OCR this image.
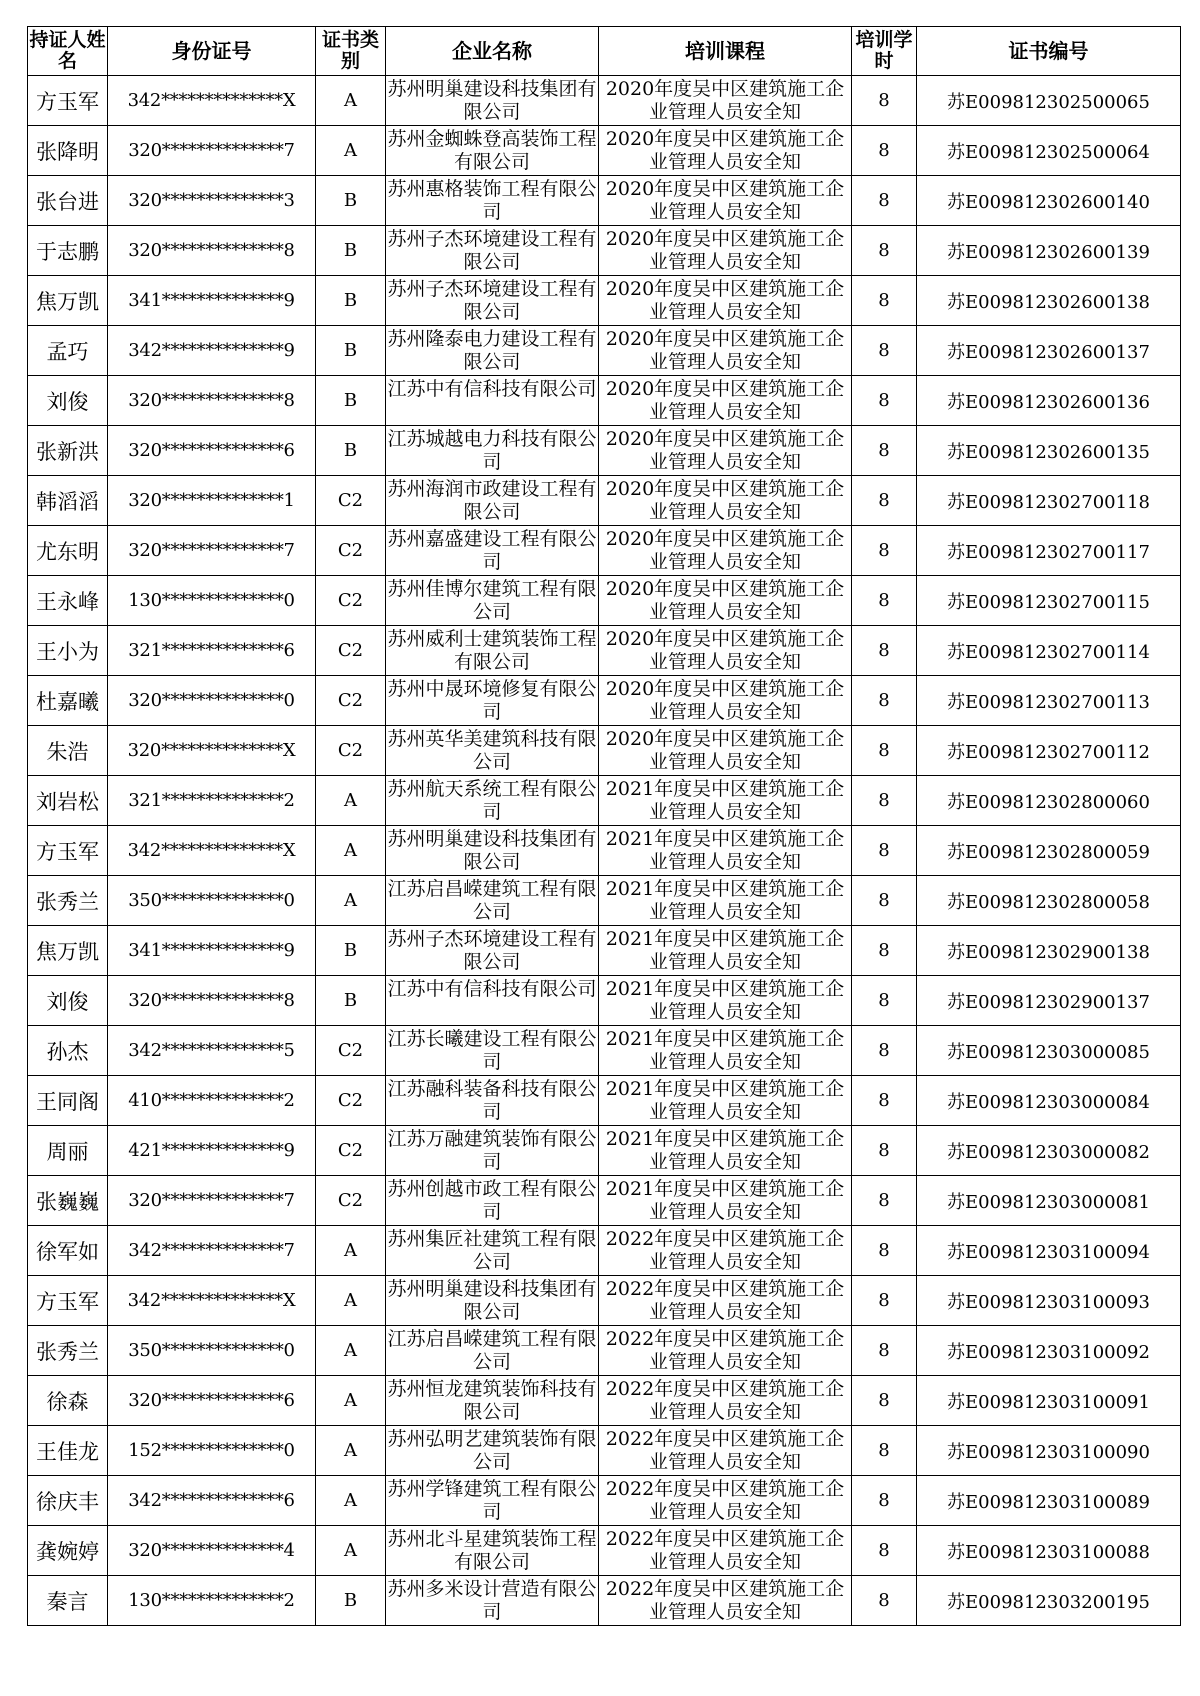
持证人姓名	身份证号	证书类别	企业名称	培训课程	培训学时	证书编号
方玉军	342**************X	A	苏州明巢建设科技集团有限公司	2020年度吴中区建筑施工企业管理人员安全知	8	苏E009812302500065
张降明	320**************7	A	苏州金蜘蛛登高装饰工程有限公司	2020年度吴中区建筑施工企业管理人员安全知	8	苏E009812302500064
张台进	320**************3	B	苏州惠格装饰工程有限公司	2020年度吴中区建筑施工企业管理人员安全知	8	苏E009812302600140
于志鹏	320**************8	B	苏州子杰环境建设工程有限公司	2020年度吴中区建筑施工企业管理人员安全知	8	苏E009812302600139
焦万凯	341**************9	B	苏州子杰环境建设工程有限公司	2020年度吴中区建筑施工企业管理人员安全知	8	苏E009812302600138
孟巧	342**************9	B	苏州隆泰电力建设工程有限公司	2020年度吴中区建筑施工企业管理人员安全知	8	苏E009812302600137
刘俊	320**************8	B	江苏中有信科技有限公司	2020年度吴中区建筑施工企业管理人员安全知	8	苏E009812302600136
张新洪	320**************6	B	江苏城越电力科技有限公司	2020年度吴中区建筑施工企业管理人员安全知	8	苏E009812302600135
韩滔滔	320**************1	C2	苏州海润市政建设工程有限公司	2020年度吴中区建筑施工企业管理人员安全知	8	苏E009812302700118
尤东明	320**************7	C2	苏州嘉盛建设工程有限公司	2020年度吴中区建筑施工企业管理人员安全知	8	苏E009812302700117
王永峰	130**************0	C2	苏州佳博尔建筑工程有限公司	2020年度吴中区建筑施工企业管理人员安全知	8	苏E009812302700115
王小为	321**************6	C2	苏州威利士建筑装饰工程有限公司	2020年度吴中区建筑施工企业管理人员安全知	8	苏E009812302700114
杜嘉曦	320**************0	C2	苏州中晟环境修复有限公司	2020年度吴中区建筑施工企业管理人员安全知	8	苏E009812302700113
朱浩	320**************X	C2	苏州英华美建筑科技有限公司	2020年度吴中区建筑施工企业管理人员安全知	8	苏E009812302700112
刘岩松	321**************2	A	苏州航天系统工程有限公司	2021年度吴中区建筑施工企业管理人员安全知	8	苏E009812302800060
方玉军	342**************X	A	苏州明巢建设科技集团有限公司	2021年度吴中区建筑施工企业管理人员安全知	8	苏E009812302800059
张秀兰	350**************0	A	江苏启昌嵘建筑工程有限公司	2021年度吴中区建筑施工企业管理人员安全知	8	苏E009812302800058
焦万凯	341**************9	B	苏州子杰环境建设工程有限公司	2021年度吴中区建筑施工企业管理人员安全知	8	苏E009812302900138
刘俊	320**************8	B	江苏中有信科技有限公司	2021年度吴中区建筑施工企业管理人员安全知	8	苏E009812302900137
孙杰	342**************5	C2	江苏长曦建设工程有限公司	2021年度吴中区建筑施工企业管理人员安全知	8	苏E009812303000085
王同阁	410**************2	C2	江苏融科装备科技有限公司	2021年度吴中区建筑施工企业管理人员安全知	8	苏E009812303000084
周丽	421**************9	C2	江苏万融建筑装饰有限公司	2021年度吴中区建筑施工企业管理人员安全知	8	苏E009812303000082
张巍巍	320**************7	C2	苏州创越市政工程有限公司	2021年度吴中区建筑施工企业管理人员安全知	8	苏E009812303000081
徐军如	342**************7	A	苏州集匠社建筑工程有限公司	2022年度吴中区建筑施工企业管理人员安全知	8	苏E009812303100094
方玉军	342**************X	A	苏州明巢建设科技集团有限公司	2022年度吴中区建筑施工企业管理人员安全知	8	苏E009812303100093
张秀兰	350**************0	A	江苏启昌嵘建筑工程有限公司	2022年度吴中区建筑施工企业管理人员安全知	8	苏E009812303100092
徐森	320**************6	A	苏州恒龙建筑装饰科技有限公司	2022年度吴中区建筑施工企业管理人员安全知	8	苏E009812303100091
王佳龙	152**************0	A	苏州弘明艺建筑装饰有限公司	2022年度吴中区建筑施工企业管理人员安全知	8	苏E009812303100090
徐庆丰	342**************6	A	苏州学锋建筑工程有限公司	2022年度吴中区建筑施工企业管理人员安全知	8	苏E009812303100089
龚婉婷	320**************4	A	苏州北斗星建筑装饰工程有限公司	2022年度吴中区建筑施工企业管理人员安全知	8	苏E009812303100088
秦言	130**************2	B	苏州多米设计营造有限公司	2022年度吴中区建筑施工企业管理人员安全知	8	苏E009812303200195
